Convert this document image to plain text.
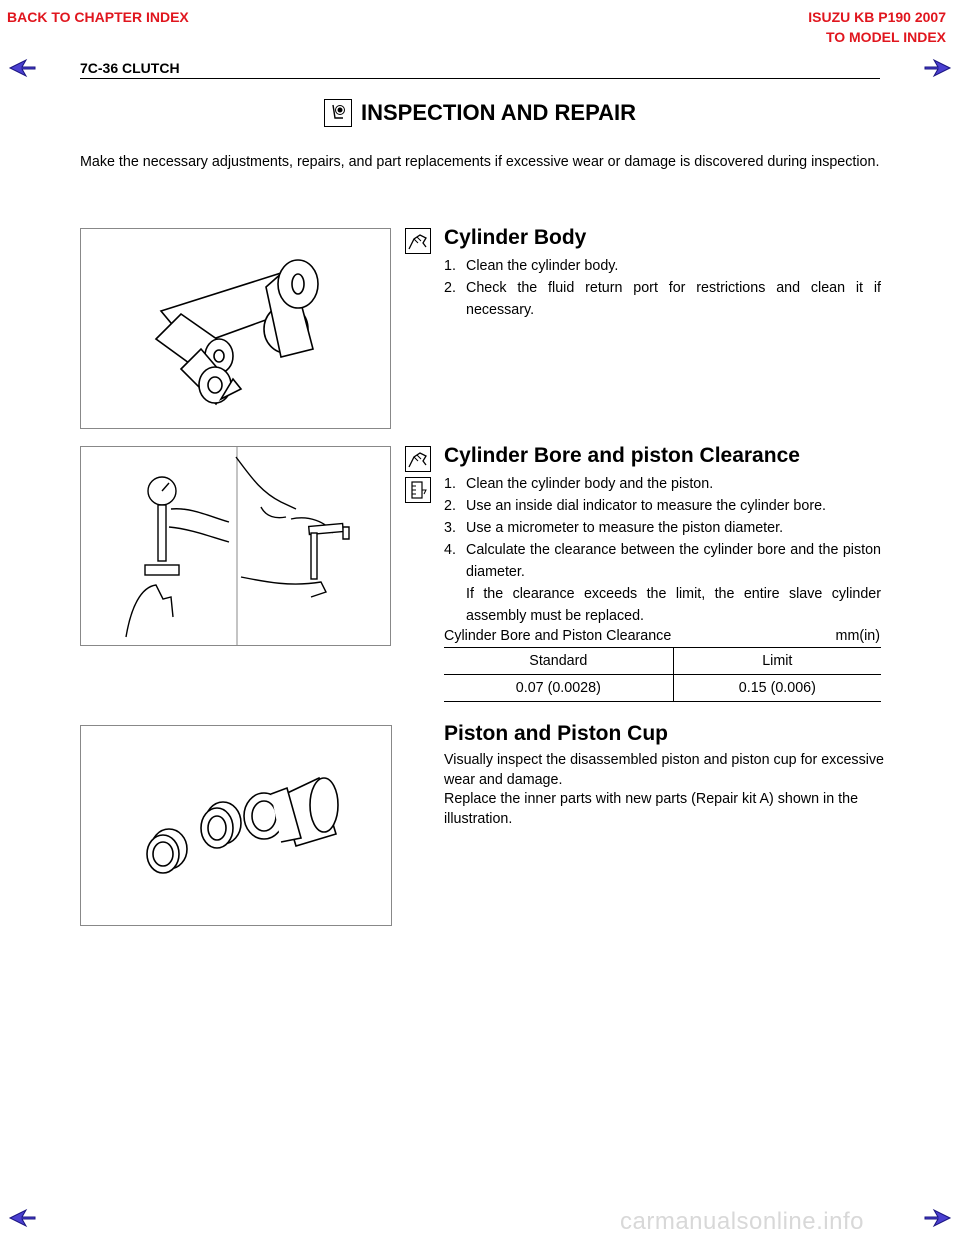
BACK TO CHAPTER INDEX	ISUZU KB P190 2007
TO MODEL INDEX
7C-36 CLUTCH
INSPECTION AND REPAIR
Make the necessary adjustments, repairs, and part replacements if excessive wear or damage is discovered during inspection.
Cylinder Body
1. Clean the cylinder body.
2. Check the fluid return port for restrictions and clean it if necessary.
Cylinder Bore and piston Clearance
1. Clean the cylinder body and the piston.
2. Use an inside dial indicator to measure the cylinder bore.
3. Use a micrometer to measure the piston diameter.
4. Calculate the clearance between the cylinder bore and the piston diameter.
If the clearance exceeds the limit, the entire slave cylinder assembly must be replaced.
Cylinder Bore and Piston Clearance	mm(in)
Standard	Limit
0.07 (0.0028)	0.15 (0.006)
Piston and Piston Cup
Visually inspect the disassembled piston and piston cup for excessive wear and damage.
Replace the inner parts with new parts (Repair kit A) shown in the illustration.
carmanualsonline.info
